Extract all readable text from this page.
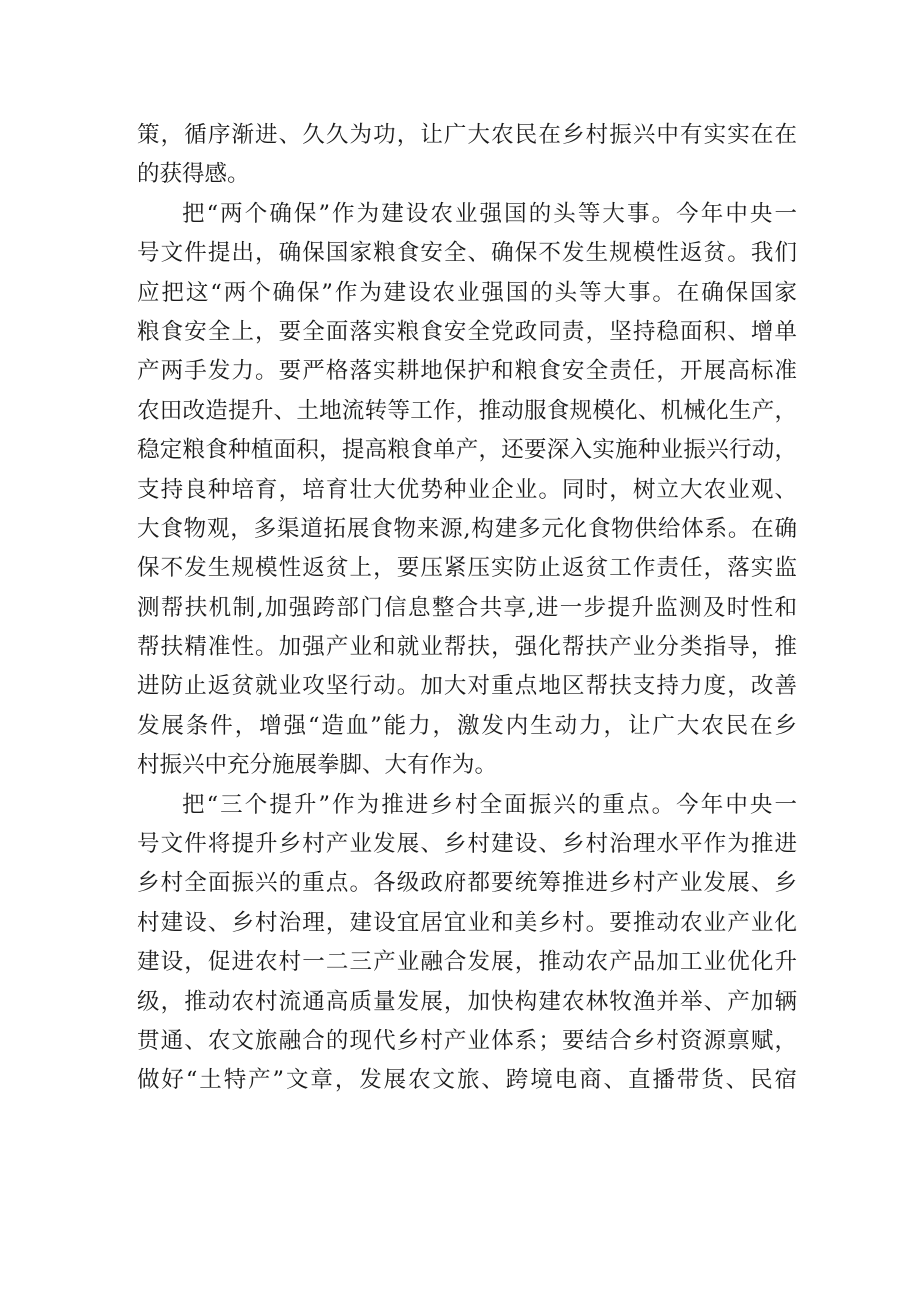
策，循序渐进、久久为功，让广大农民在乡村振兴中有实实在在
的获得感。
把“两个确保”作为建设农业强国的头等大事。今年中央一
号文件提出，确保国家粮食安全、确保不发生规模性返贫。我们
应把这“两个确保”作为建设农业强国的头等大事。在确保国家
粮食安全上，要全面落实粮食安全党政同责，坚持稳面积、增单
产两手发力。要严格落实耕地保护和粮食安全责任，开展高标准
农田改造提升、土地流转等工作，推动服食规模化、机械化生产，
稳定粮食种植面积，提高粮食单产，还要深入实施种业振兴行动，
支持良种培育，培育壮大优势种业企业。同时，树立大农业观、
大食物观，多渠道拓展食物来源,构建多元化食物供给体系。在确
保不发生规模性返贫上，要压紧压实防止返贫工作责任，落实监
测帮扶机制,加强跨部门信息整合共享,进一步提升监测及时性和
帮扶精准性。加强产业和就业帮扶，强化帮扶产业分类指导，推
进防止返贫就业攻坚行动。加大对重点地区帮扶支持力度，改善
发展条件，增强“造血”能力，激发内生动力，让广大农民在乡
村振兴中充分施展拳脚、大有作为。
把“三个提升”作为推进乡村全面振兴的重点。今年中央一
号文件将提升乡村产业发展、乡村建设、乡村治理水平作为推进
乡村全面振兴的重点。各级政府都要统筹推进乡村产业发展、乡
村建设、乡村治理，建设宜居宜业和美乡村。要推动农业产业化
建设，促进农村一二三产业融合发展，推动农产品加工业优化升
级，推动农村流通高质量发展，加快构建农林牧渔并举、产加辆
贯通、农文旅融合的现代乡村产业体系；要结合乡村资源禀赋，
做好“土特产”文章，发展农文旅、跨境电商、直播带货、民宿
